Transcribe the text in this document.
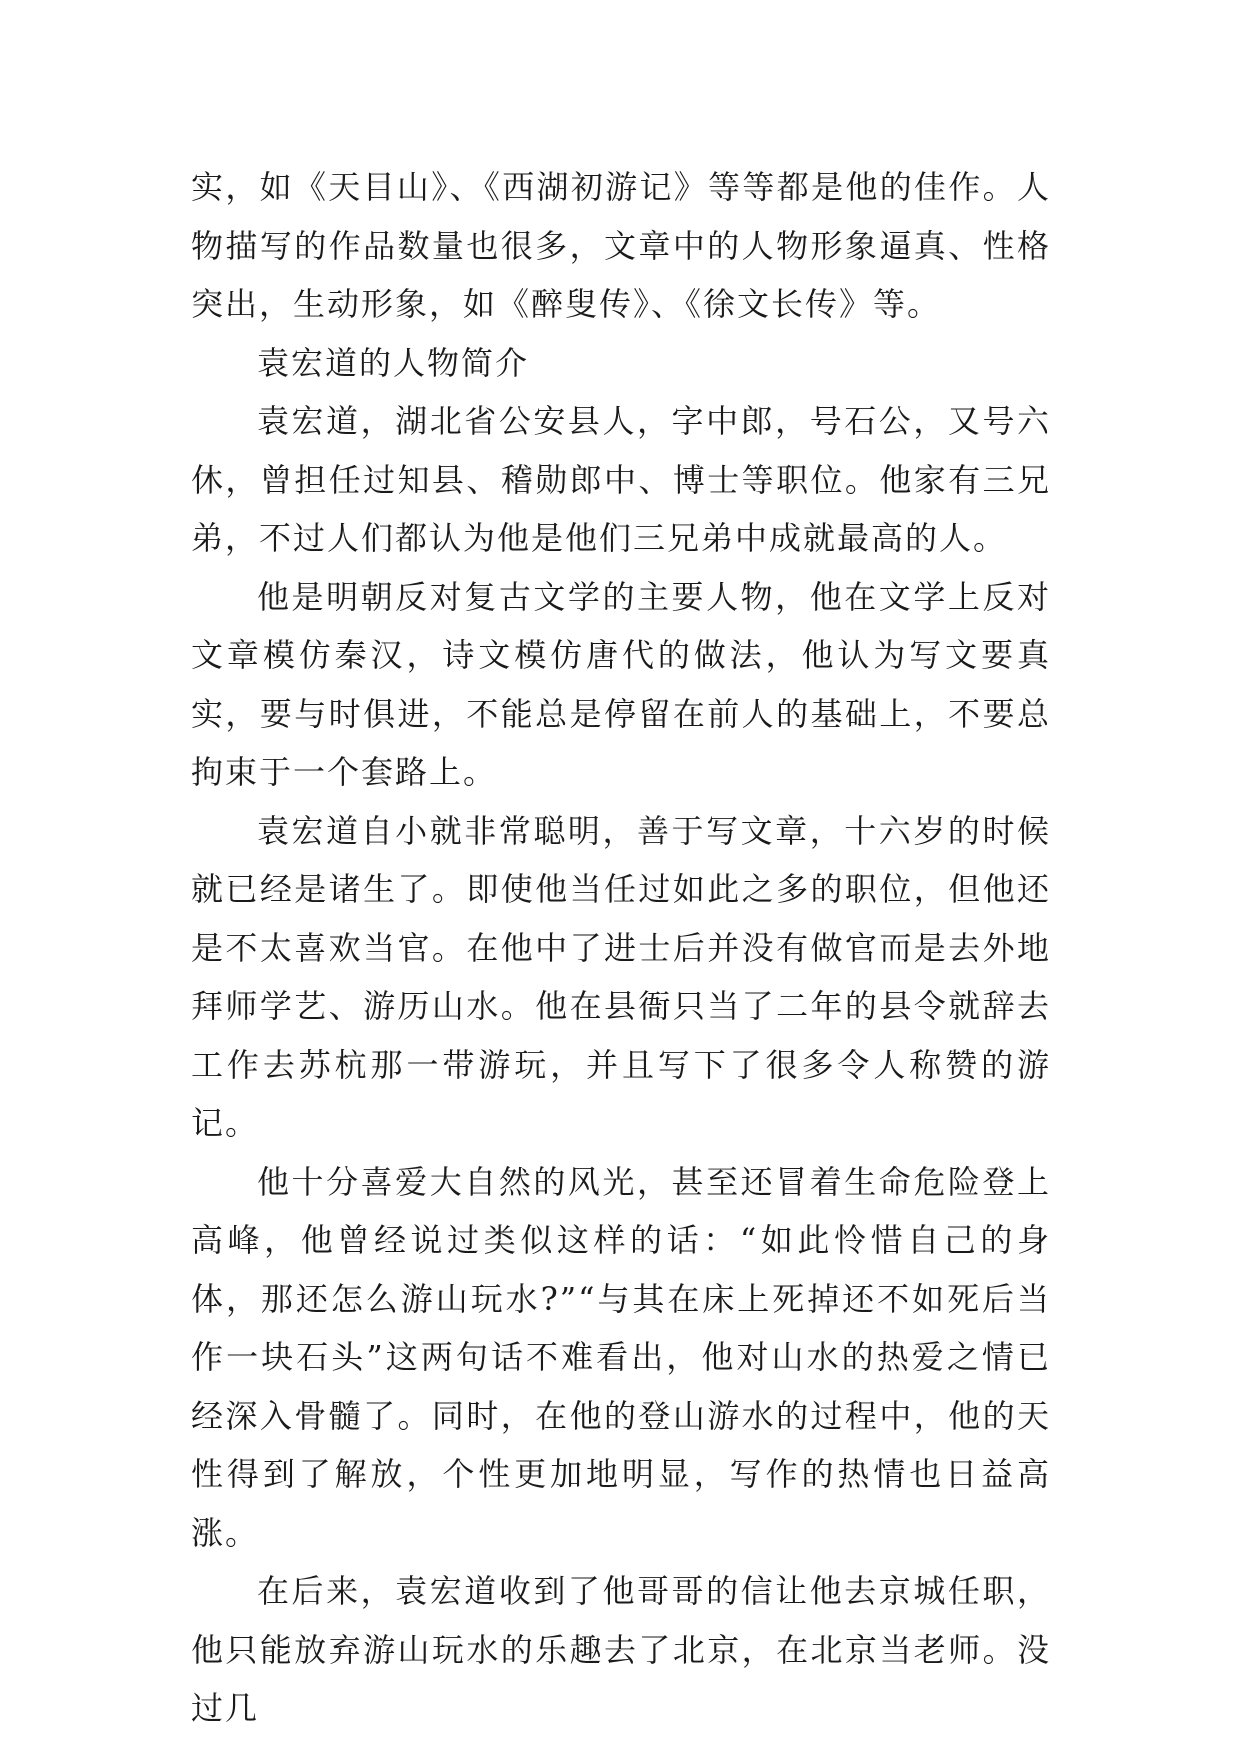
实，如《天目山》、《西湖初游记》等等都是他的佳作。人物描写的作品数量也很多，文章中的人物形象逼真、性格突出，生动形象，如《醉叟传》、《徐文长传》等。

袁宏道的人物简介

袁宏道，湖北省公安县人，字中郎，号石公，又号六休，曾担任过知县、稽勋郎中、博士等职位。他家有三兄弟，不过人们都认为他是他们三兄弟中成就最高的人。

他是明朝反对复古文学的主要人物，他在文学上反对文章模仿秦汉，诗文模仿唐代的做法，他认为写文要真实，要与时俱进，不能总是停留在前人的基础上，不要总拘束于一个套路上。

袁宏道自小就非常聪明，善于写文章，十六岁的时候就已经是诸生了。即使他当任过如此之多的职位，但他还是不太喜欢当官。在他中了进士后并没有做官而是去外地拜师学艺、游历山水。他在县衙只当了二年的县令就辞去工作去苏杭那一带游玩，并且写下了很多令人称赞的游记。

他十分喜爱大自然的风光，甚至还冒着生命危险登上高峰，他曾经说过类似这样的话：“如此怜惜自己的身体，那还怎么游山玩水?”“与其在床上死掉还不如死后当作一块石头”这两句话不难看出，他对山水的热爱之情已经深入骨髓了。同时，在他的登山游水的过程中，他的天性得到了解放，个性更加地明显，写作的热情也日益高涨。

在后来，袁宏道收到了他哥哥的信让他去京城任职，他只能放弃游山玩水的乐趣去了北京，在北京当老师。没过几
